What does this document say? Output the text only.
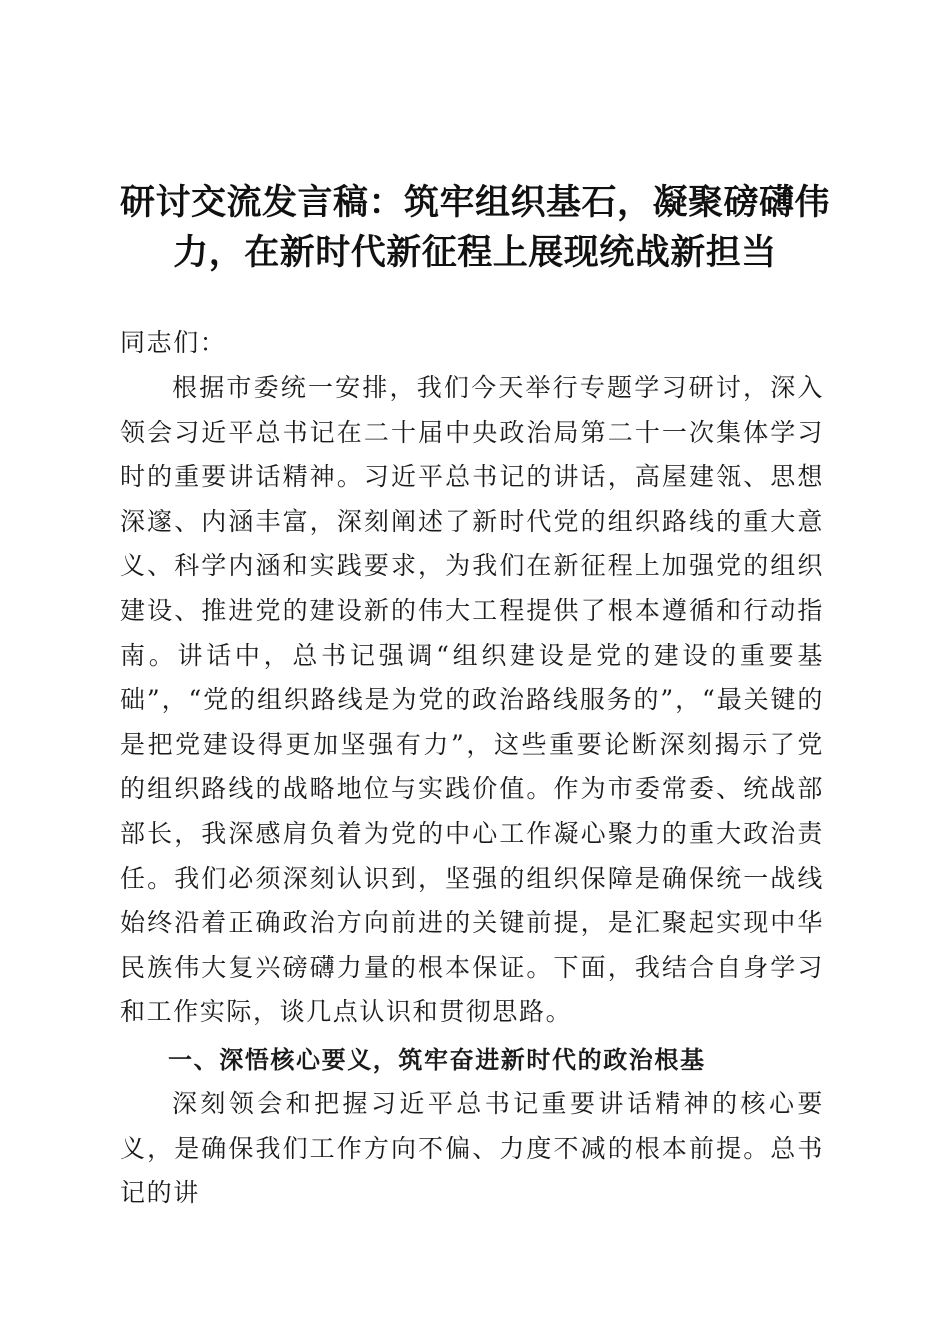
研讨交流发言稿：筑牢组织基石，凝聚磅礴伟力，在新时代新征程上展现统战新担当

同志们：

根据市委统一安排，我们今天举行专题学习研讨，深入领会习近平总书记在二十届中央政治局第二十一次集体学习时的重要讲话精神。习近平总书记的讲话，高屋建瓴、思想深邃、内涵丰富，深刻阐述了新时代党的组织路线的重大意义、科学内涵和实践要求，为我们在新征程上加强党的组织建设、推进党的建设新的伟大工程提供了根本遵循和行动指南。讲话中，总书记强调“组织建设是党的建设的重要基础”，“党的组织路线是为党的政治路线服务的”，“最关键的是把党建设得更加坚强有力”，这些重要论断深刻揭示了党的组织路线的战略地位与实践价值。作为市委常委、统战部部长，我深感肩负着为党的中心工作凝心聚力的重大政治责任。我们必须深刻认识到，坚强的组织保障是确保统一战线始终沿着正确政治方向前进的关键前提，是汇聚起实现中华民族伟大复兴磅礴力量的根本保证。下面，我结合自身学习和工作实际，谈几点认识和贯彻思路。

一、深悟核心要义，筑牢奋进新时代的政治根基

深刻领会和把握习近平总书记重要讲话精神的核心要义，是确保我们工作方向不偏、力度不减的根本前提。总书记的讲
